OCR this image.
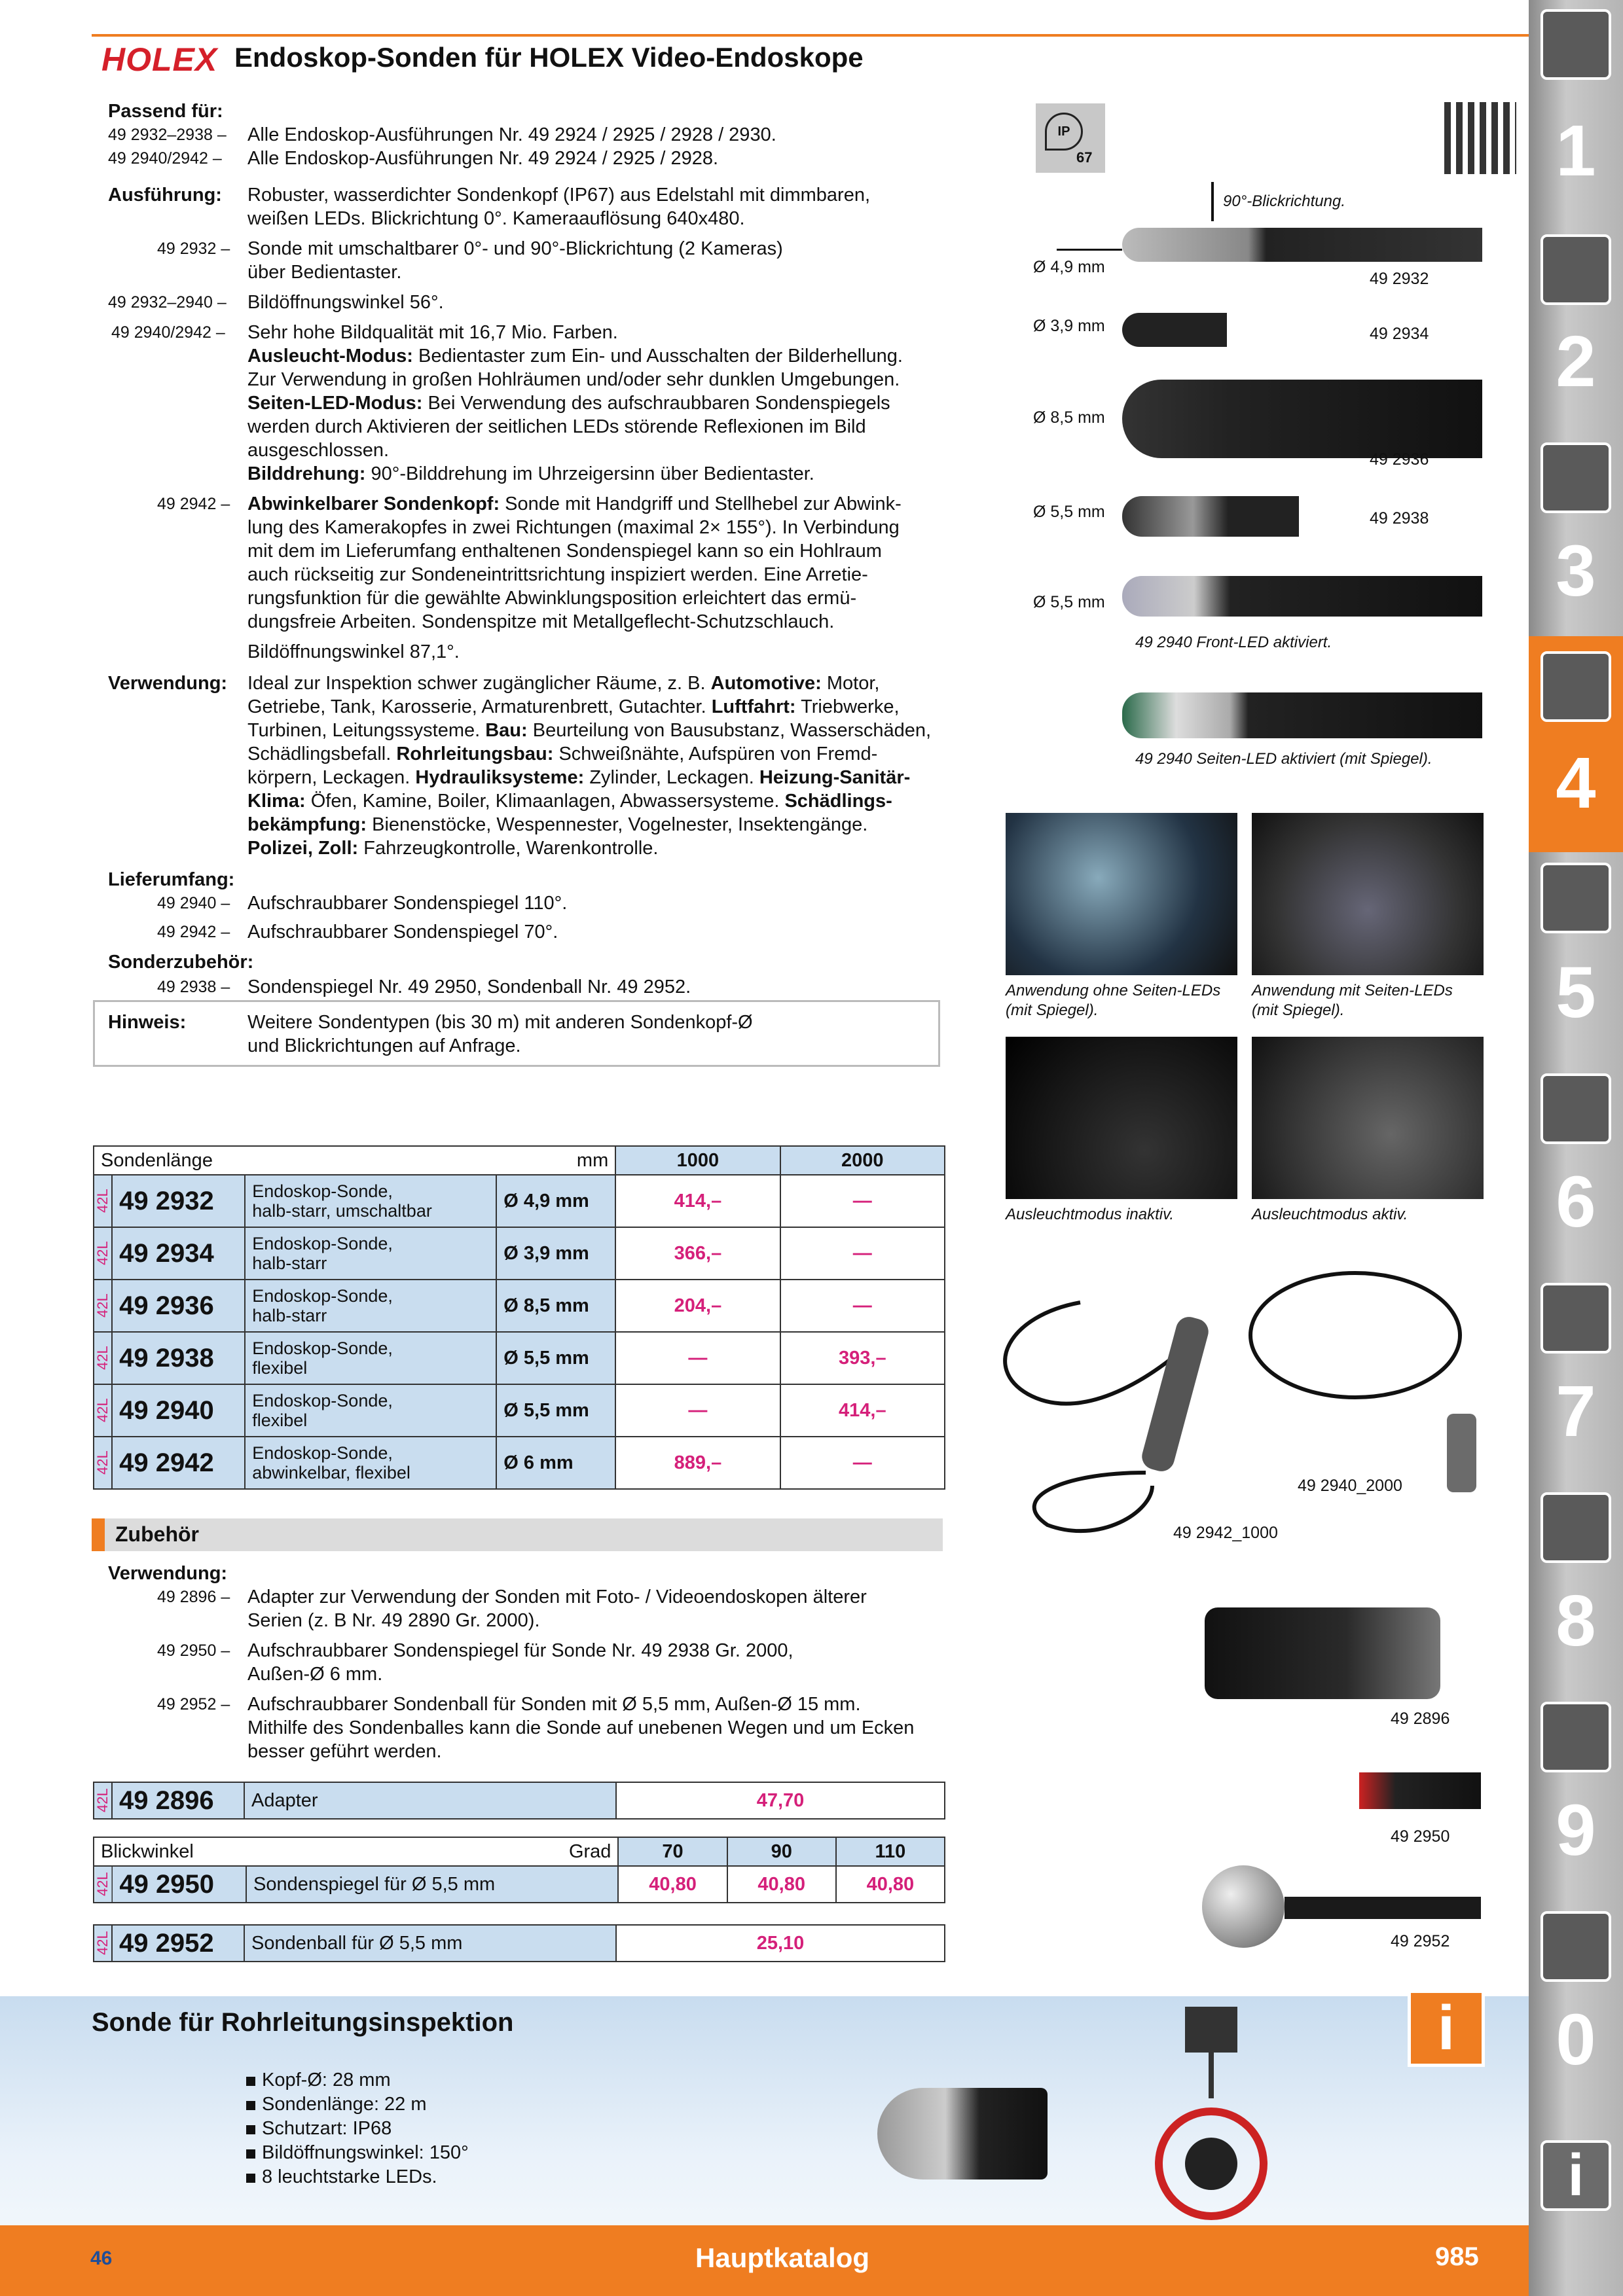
1
2
3
4
5
6
7
8
9
0
i
HOLEX Endoskop-Sonden für HOLEX Video-Endoskope
Passend für:
49 2932–2938 – Alle Endoskop-Ausführungen Nr. 49 2924 / 2925 / 2928 / 2930.
49 2940/2942 – Alle Endoskop-Ausführungen Nr. 49 2924 / 2925 / 2928.
Ausführung: Robuster, wasserdichter Sondenkopf (IP67) aus Edelstahl mit dimmbaren,
weißen LEDs. Blickrichtung 0°. Kameraauflösung 640x480.
49 2932 – Sonde mit umschaltbarer 0°- und 90°-Blickrichtung (2 Kameras)
über Bedientaster.
49 2932–2940 – Bildöffnungswinkel 56°.
49 2940/2942 – Sehr hohe Bildqualität mit 16,7 Mio. Farben.
Ausleucht-Modus: Bedientaster zum Ein- und Ausschalten der Bilderhellung.
Zur Verwendung in großen Hohlräumen und/oder sehr dunklen Umgebungen.
Seiten-LED-Modus: Bei Verwendung des aufschraubbaren Sondenspiegels
werden durch Aktivieren der seitlichen LEDs störende Reflexionen im Bild
ausgeschlossen.
Bilddrehung: 90°-Bilddrehung im Uhrzeigersinn über Bedientaster.
49 2942 – Abwinkelbarer Sondenkopf: Sonde mit Handgriff und Stellhebel zur Abwink-
lung des Kamerakopfes in zwei Richtungen (maximal 2× 155°). In Verbindung
mit dem im Lieferumfang enthaltenen Sondenspiegel kann so ein Hohlraum
auch rückseitig zur Sondeneintrittsrichtung inspiziert werden. Eine Arretie-
rungsfunktion für die gewählte Abwinklungsposition erleichtert das ermü-
dungsfreie Arbeiten. Sondenspitze mit Metallgeflecht-Schutzschlauch.
Bildöffnungswinkel 87,1°.
Verwendung: Ideal zur Inspektion schwer zugänglicher Räume, z. B. Automotive: Motor,
Getriebe, Tank, Karosserie, Armaturenbrett, Gutachter. Luftfahrt: Triebwerke,
Turbinen, Leitungssysteme. Bau: Beurteilung von Bausubstanz, Wasserschäden,
Schädlingsbefall. Rohrleitungsbau: Schweißnähte, Aufspüren von Fremd-
körpern, Leckagen. Hydrauliksysteme: Zylinder, Leckagen. Heizung-Sanitär-
Klima: Öfen, Kamine, Boiler, Klimaanlagen, Abwassersysteme. Schädlings-
bekämpfung: Bienenstöcke, Wespennester, Vogelnester, Insektengänge.
Polizei, Zoll: Fahrzeugkontrolle, Warenkontrolle.
Lieferumfang:
49 2940 – Aufschraubbarer Sondenspiegel 110°.
49 2942 – Aufschraubbarer Sondenspiegel 70°.
Sonderzubehör:
49 2938 – Sondenspiegel Nr. 49 2950, Sondenball Nr. 49 2952.
Hinweis:	Weitere Sondentypen (bis 30 m) mit anderen Sondenkopf-Ø
und Blickrichtungen auf Anfrage.
Sondenlänge			mm	1000	2000
42L	49 2932	Endoskop-Sonde,
halb-starr, umschaltbar	Ø 4,9 mm	414,–	—
42L	49 2934	Endoskop-Sonde,
halb-starr	Ø 3,9 mm	366,–	—
42L	49 2936	Endoskop-Sonde,
halb-starr	Ø 8,5 mm	204,–	—
42L	49 2938	Endoskop-Sonde,
flexibel	Ø 5,5 mm	—	393,–
42L	49 2940	Endoskop-Sonde,
flexibel	Ø 5,5 mm	—	414,–
42L	49 2942	Endoskop-Sonde,
abwinkelbar, flexibel	Ø 6 mm	889,–	—
Zubehör
Verwendung:
49 2896 – Adapter zur Verwendung der Sonden mit Foto- / Videoendoskopen älterer
Serien (z. B Nr. 49 2890 Gr. 2000).
49 2950 – Aufschraubbarer Sondenspiegel für Sonde Nr. 49 2938 Gr. 2000,
Außen-Ø 6 mm.
49 2952 – Aufschraubbarer Sondenball für Sonden mit Ø 5,5 mm, Außen-Ø 15 mm.
Mithilfe des Sondenballes kann die Sonde auf unebenen Wegen und um Ecken
besser geführt werden.
42L	49 2896	Adapter	47,70
Blickwinkel		Grad	70	90	110
42L	49 2950	Sondenspiegel für Ø 5,5 mm	40,80	40,80	40,80
42L	49 2952	Sondenball für Ø 5,5 mm	25,10
IP
67
90°-Blickrichtung.
Ø 4,9 mm
49 2932
Ø 3,9 mm	49 2934
Ø 8,5 mm
49 2936
Ø 5,5 mm	49 2938
Ø 5,5 mm
49 2940 Front-LED aktiviert.
49 2940 Seiten-LED aktiviert (mit Spiegel).
Anwendung ohne Seiten-LEDs
(mit Spiegel).
Anwendung mit Seiten-LEDs
(mit Spiegel).
Ausleuchtmodus inaktiv.	Ausleuchtmodus aktiv.
49 2942_1000
49 2940_2000
49 2896
49 2950
49 2952
Sonde für Rohrleitungsinspektion	i
Kopf-Ø: 28 mm
Sondenlänge: 22 m
Schutzart: IP68
Bildöffnungswinkel: 150°
8 leuchtstarke LEDs.
46	Hauptkatalog	985
